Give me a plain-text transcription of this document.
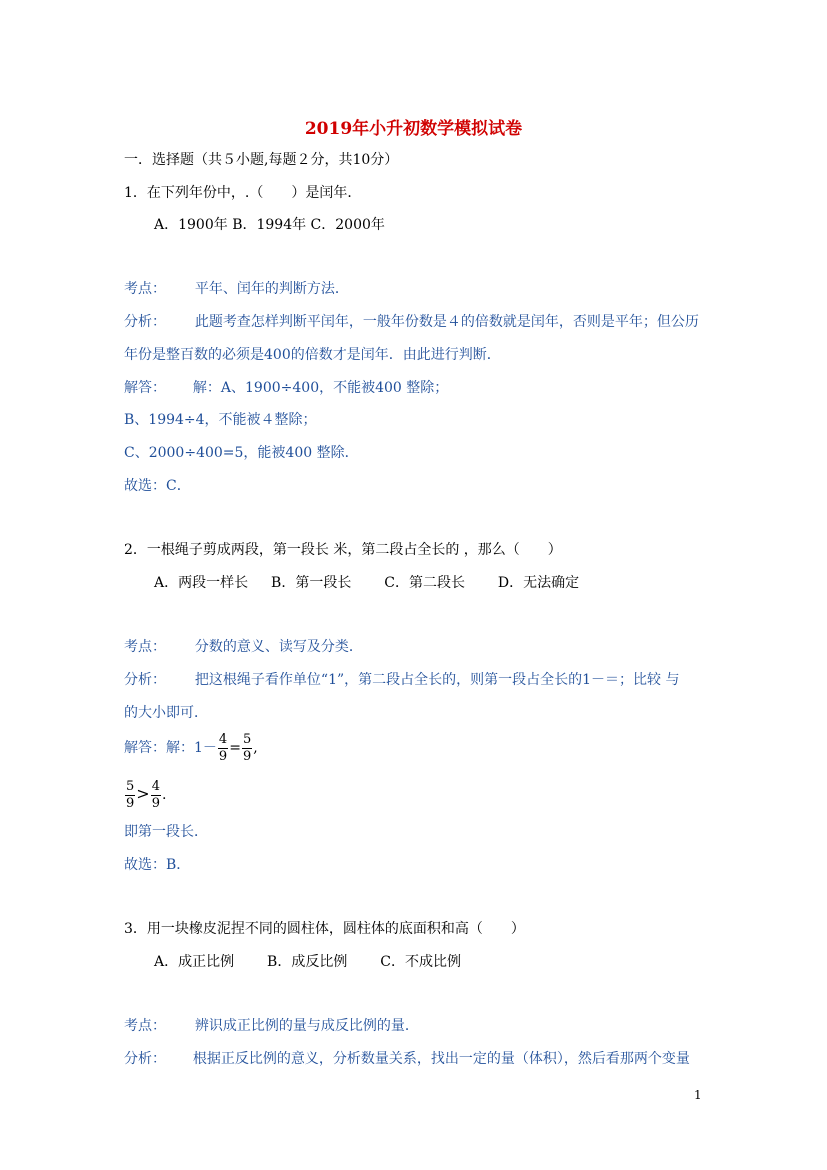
2019年小升初数学模拟试卷
一．选择题（共５小题,每题２分，共10分）
1．在下列年份中，.（　　）是闰年．
A．1900年 B．1994年 C．2000年
考点： 平年、闰年的判断方法．
分析： 此题考查怎样判断平闰年，一般年份数是４的倍数就是闰年，否则是平年；但公历
年份是整百数的必须是400的倍数才是闰年．由此进行判断．
解答： 解：A、1900÷400，不能被400 整除；
B、1994÷4，不能被４整除；
C、2000÷400=5，能被400 整除．
故选：C．
2．一根绳子剪成两段，第一段长 米，第二段占全长的 ，那么（　　）
A．两段一样长 B．第一段长 C．第二段长 D．无法确定
考点： 分数的意义、读写及分类．
分析： 把这根绳子看作单位“1”，第二段占全长的，则第一段占全长的1－＝；比较 与
的大小即可．
解答：解：$1- \frac{4}{9} = \frac{5}{9}$ ,
$\frac{5}{9} > \frac{4}{9}$ .
即第一段长．
故选：B．
3．用一块橡皮泥捏不同的圆柱体，圆柱体的底面积和高（　　）
A．成正比例 B．成反比例 C．不成比例
考点： 辨识成正比例的量与成反比例的量．
分析： 根据正反比例的意义，分析数量关系，找出一定的量（体积），然后看那两个变量
1
